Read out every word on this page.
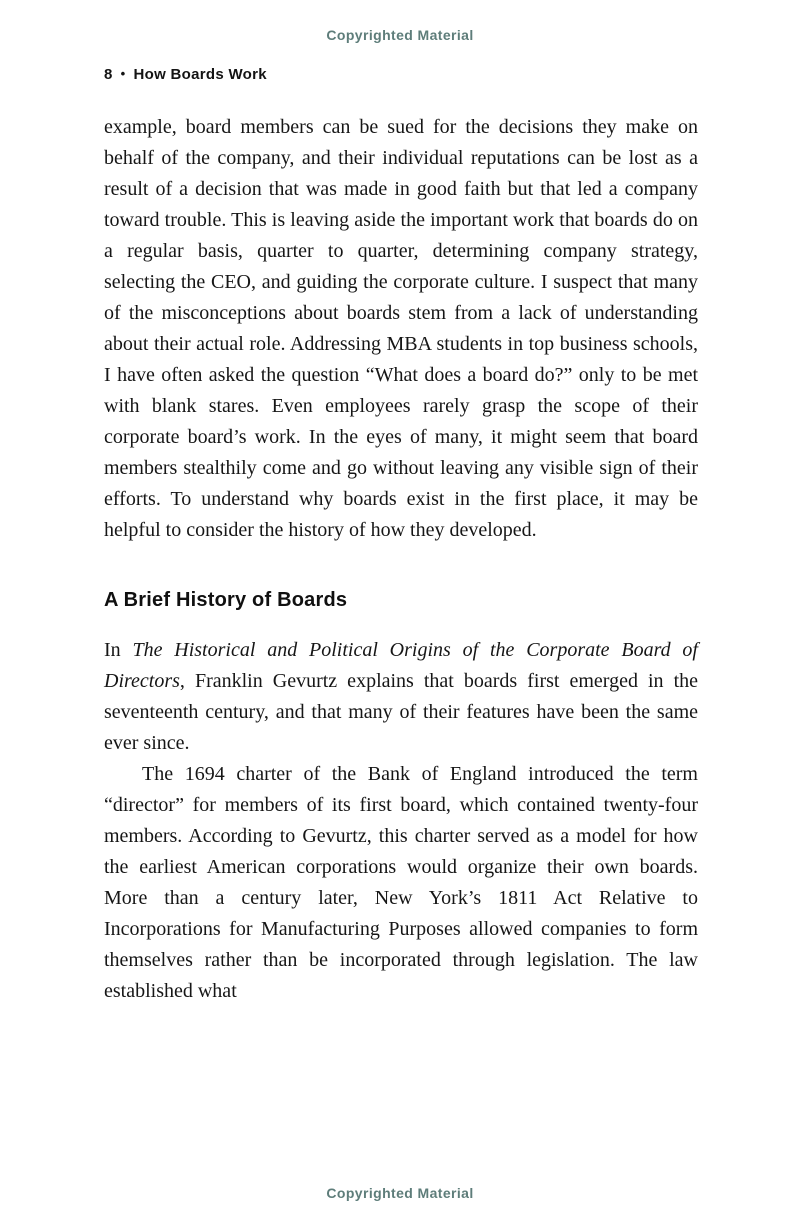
Copyrighted Material
8 • How Boards Work

example, board members can be sued for the decisions they make on behalf of the company, and their individual reputations can be lost as a result of a decision that was made in good faith but that led a company toward trouble. This is leaving aside the important work that boards do on a regular basis, quarter to quarter, determining company strategy, selecting the CEO, and guiding the corporate culture. I suspect that many of the misconceptions about boards stem from a lack of understanding about their actual role. Addressing MBA students in top business schools, I have often asked the question “What does a board do?” only to be met with blank stares. Even employees rarely grasp the scope of their corporate board’s work. In the eyes of many, it might seem that board members stealthily come and go without leaving any visible sign of their efforts. To understand why boards exist in the first place, it may be helpful to consider the history of how they developed.

A Brief History of Boards

In The Historical and Political Origins of the Corporate Board of Directors, Franklin Gevurtz explains that boards first emerged in the seventeenth century, and that many of their features have been the same ever since.

The 1694 charter of the Bank of England introduced the term “director” for members of its first board, which contained twenty-four members. According to Gevurtz, this charter served as a model for how the earliest American corporations would organize their own boards. More than a century later, New York’s 1811 Act Relative to Incorporations for Manufacturing Purposes allowed companies to form themselves rather than be incorporated through legislation. The law established what

Copyrighted Material
